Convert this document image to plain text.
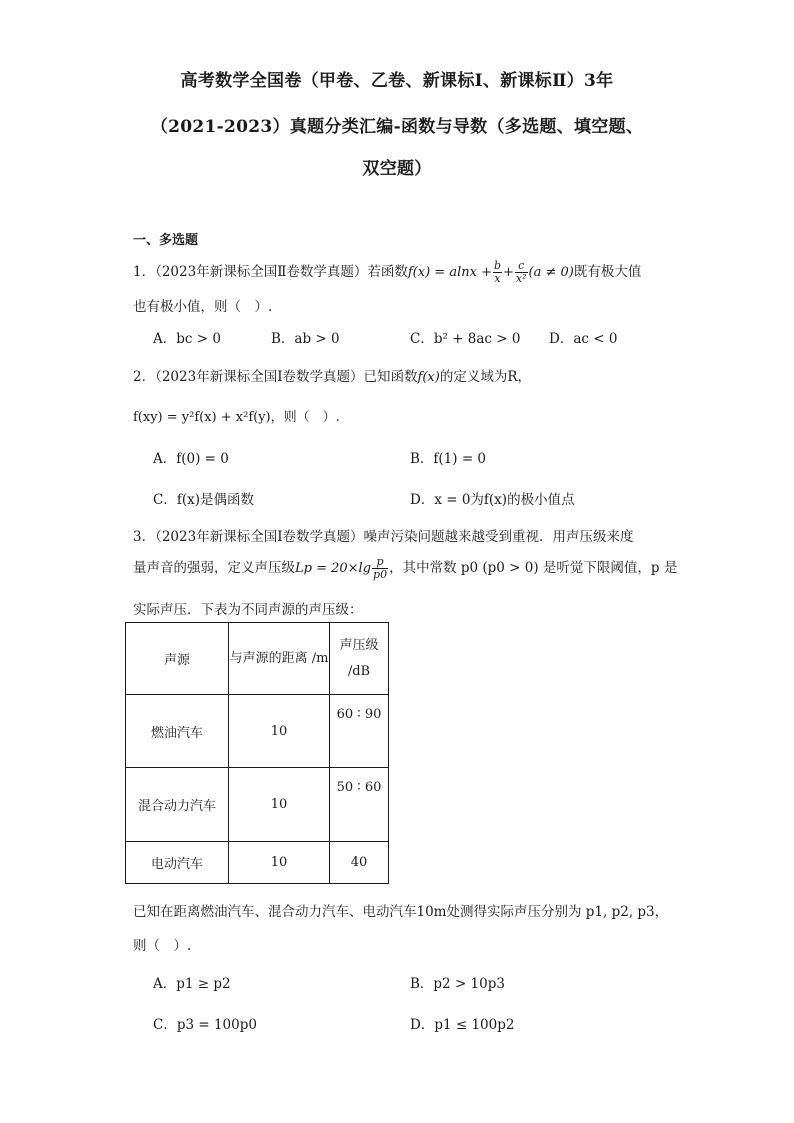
高考数学全国卷（甲卷、乙卷、新课标Ⅰ、新课标Ⅱ）3年
（2021-2023）真题分类汇编-函数与导数（多选题、填空题、
双空题）
一、多选题
1．（2023年新课标全国Ⅱ卷数学真题）若函数$f(x) = alnx + \frac{b}{x} + \frac{c}{\text{x²}} (a \ne 0)$既有极大值
也有极小值，则（　）.
A．bc > 0	B．ab > 0	C．b² + 8ac > 0 D．ac < 0
2．（2023年新课标全国Ⅰ卷数学真题）已知函数f(x)的定义域为R，
f(xy) = y²f(x) + x²f(y)，则（　）.
A．f(0) = 0	B．f(1) = 0
C．f(x)是偶函数	D．x = 0为f(x)的极小值点
3．（2023年新课标全国Ⅰ卷数学真题）噪声污染问题越来越受到重视．用声压级来度
量声音的强弱，定义声压级$Lp = 20\times\lg \frac{p}{p0}$ ，其中常数 p0 (p0 > 0) 是听觉下限阈值，p 是
实际声压．下表为不同声源的声压级：
声源	与声源的距离 /m	声压级 /dB
燃油汽车	10	60 ∶ 90
混合动力汽车	10	50 ∶ 60
电动汽车	10	40
已知在距离燃油汽车、混合动力汽车、电动汽车10m处测得实际声压分别为 p1, p2, p3，
则（　）.
A．p1 ≥ p2	B．p2 > 10p3
C．p3 = 100p0	D．p1 ≤ 100p2
